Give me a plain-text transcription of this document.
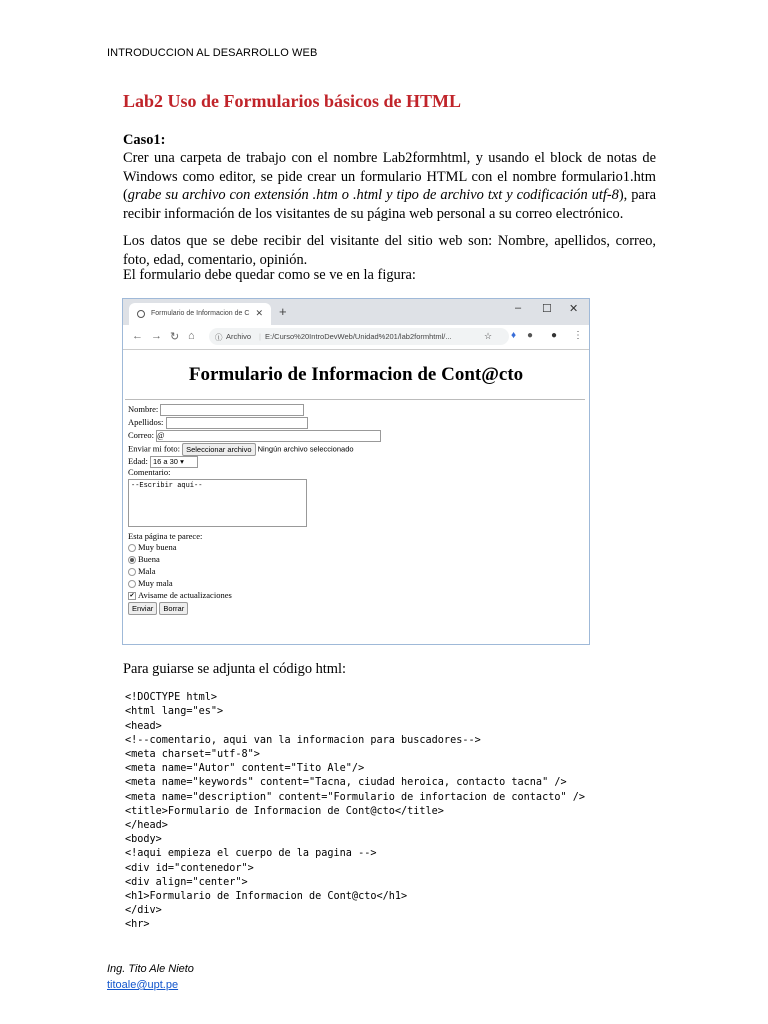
INTRODUCCION AL DESARROLLO WEB
Lab2 Uso de Formularios básicos de HTML
Caso1:
Crer una carpeta de trabajo con el nombre Lab2formhtml, y usando el block de notas de Windows como editor, se pide crear un formulario HTML con el nombre formulario1.htm (grabe su archivo con extensión .htm o .html y tipo de archivo txt y codificación utf-8), para recibir información de los visitantes de su página web personal a su correo electrónico.
Los datos que se debe recibir del visitante del sitio web son: Nombre, apellidos, correo, foto, edad, comentario, opinión.
El formulario debe quedar como se ve en la figura:
Formulario de Informacion de C ✕ +	– ☐ ✕
← → ↻ ⌂	ⓘ Archivo | E:/Curso%20IntroDevWeb/Unidad%201/lab2formhtml/...	☆ ♦ ● ● ⋮
Formulario de Informacion de Cont@cto
Nombre:
Apellidos:
Correo: @
Enviar mi foto: Seleccionar archivo Ningún archivo seleccionado
Edad: 16 a 30 ▾
Comentario:
--Escribir aquí--
Esta página te parece:
Muy buena
Buena
Mala
Muy mala
✔ Avisame de actualizaciones
Enviar Borrar
Para guiarse se adjunta el código html:

<!DOCTYPE html>
<html lang="es">
<head>
<!--comentario, aqui van la informacion para buscadores-->
<meta charset="utf-8">
<meta name="Autor" content="Tito Ale"/>
<meta name="keywords" content="Tacna, ciudad heroica, contacto tacna" />
<meta name="description" content="Formulario de infortacion de contacto" />
<title>Formulario de Informacion de Cont@cto</title>
</head>
<body>
<!aqui empieza el cuerpo de la pagina -->
<div id="contenedor">
<div align="center">
<h1>Formulario de Informacion de Cont@cto</h1>
</div>
<hr>

Ing. Tito Ale Nieto
titoale@upt.pe
